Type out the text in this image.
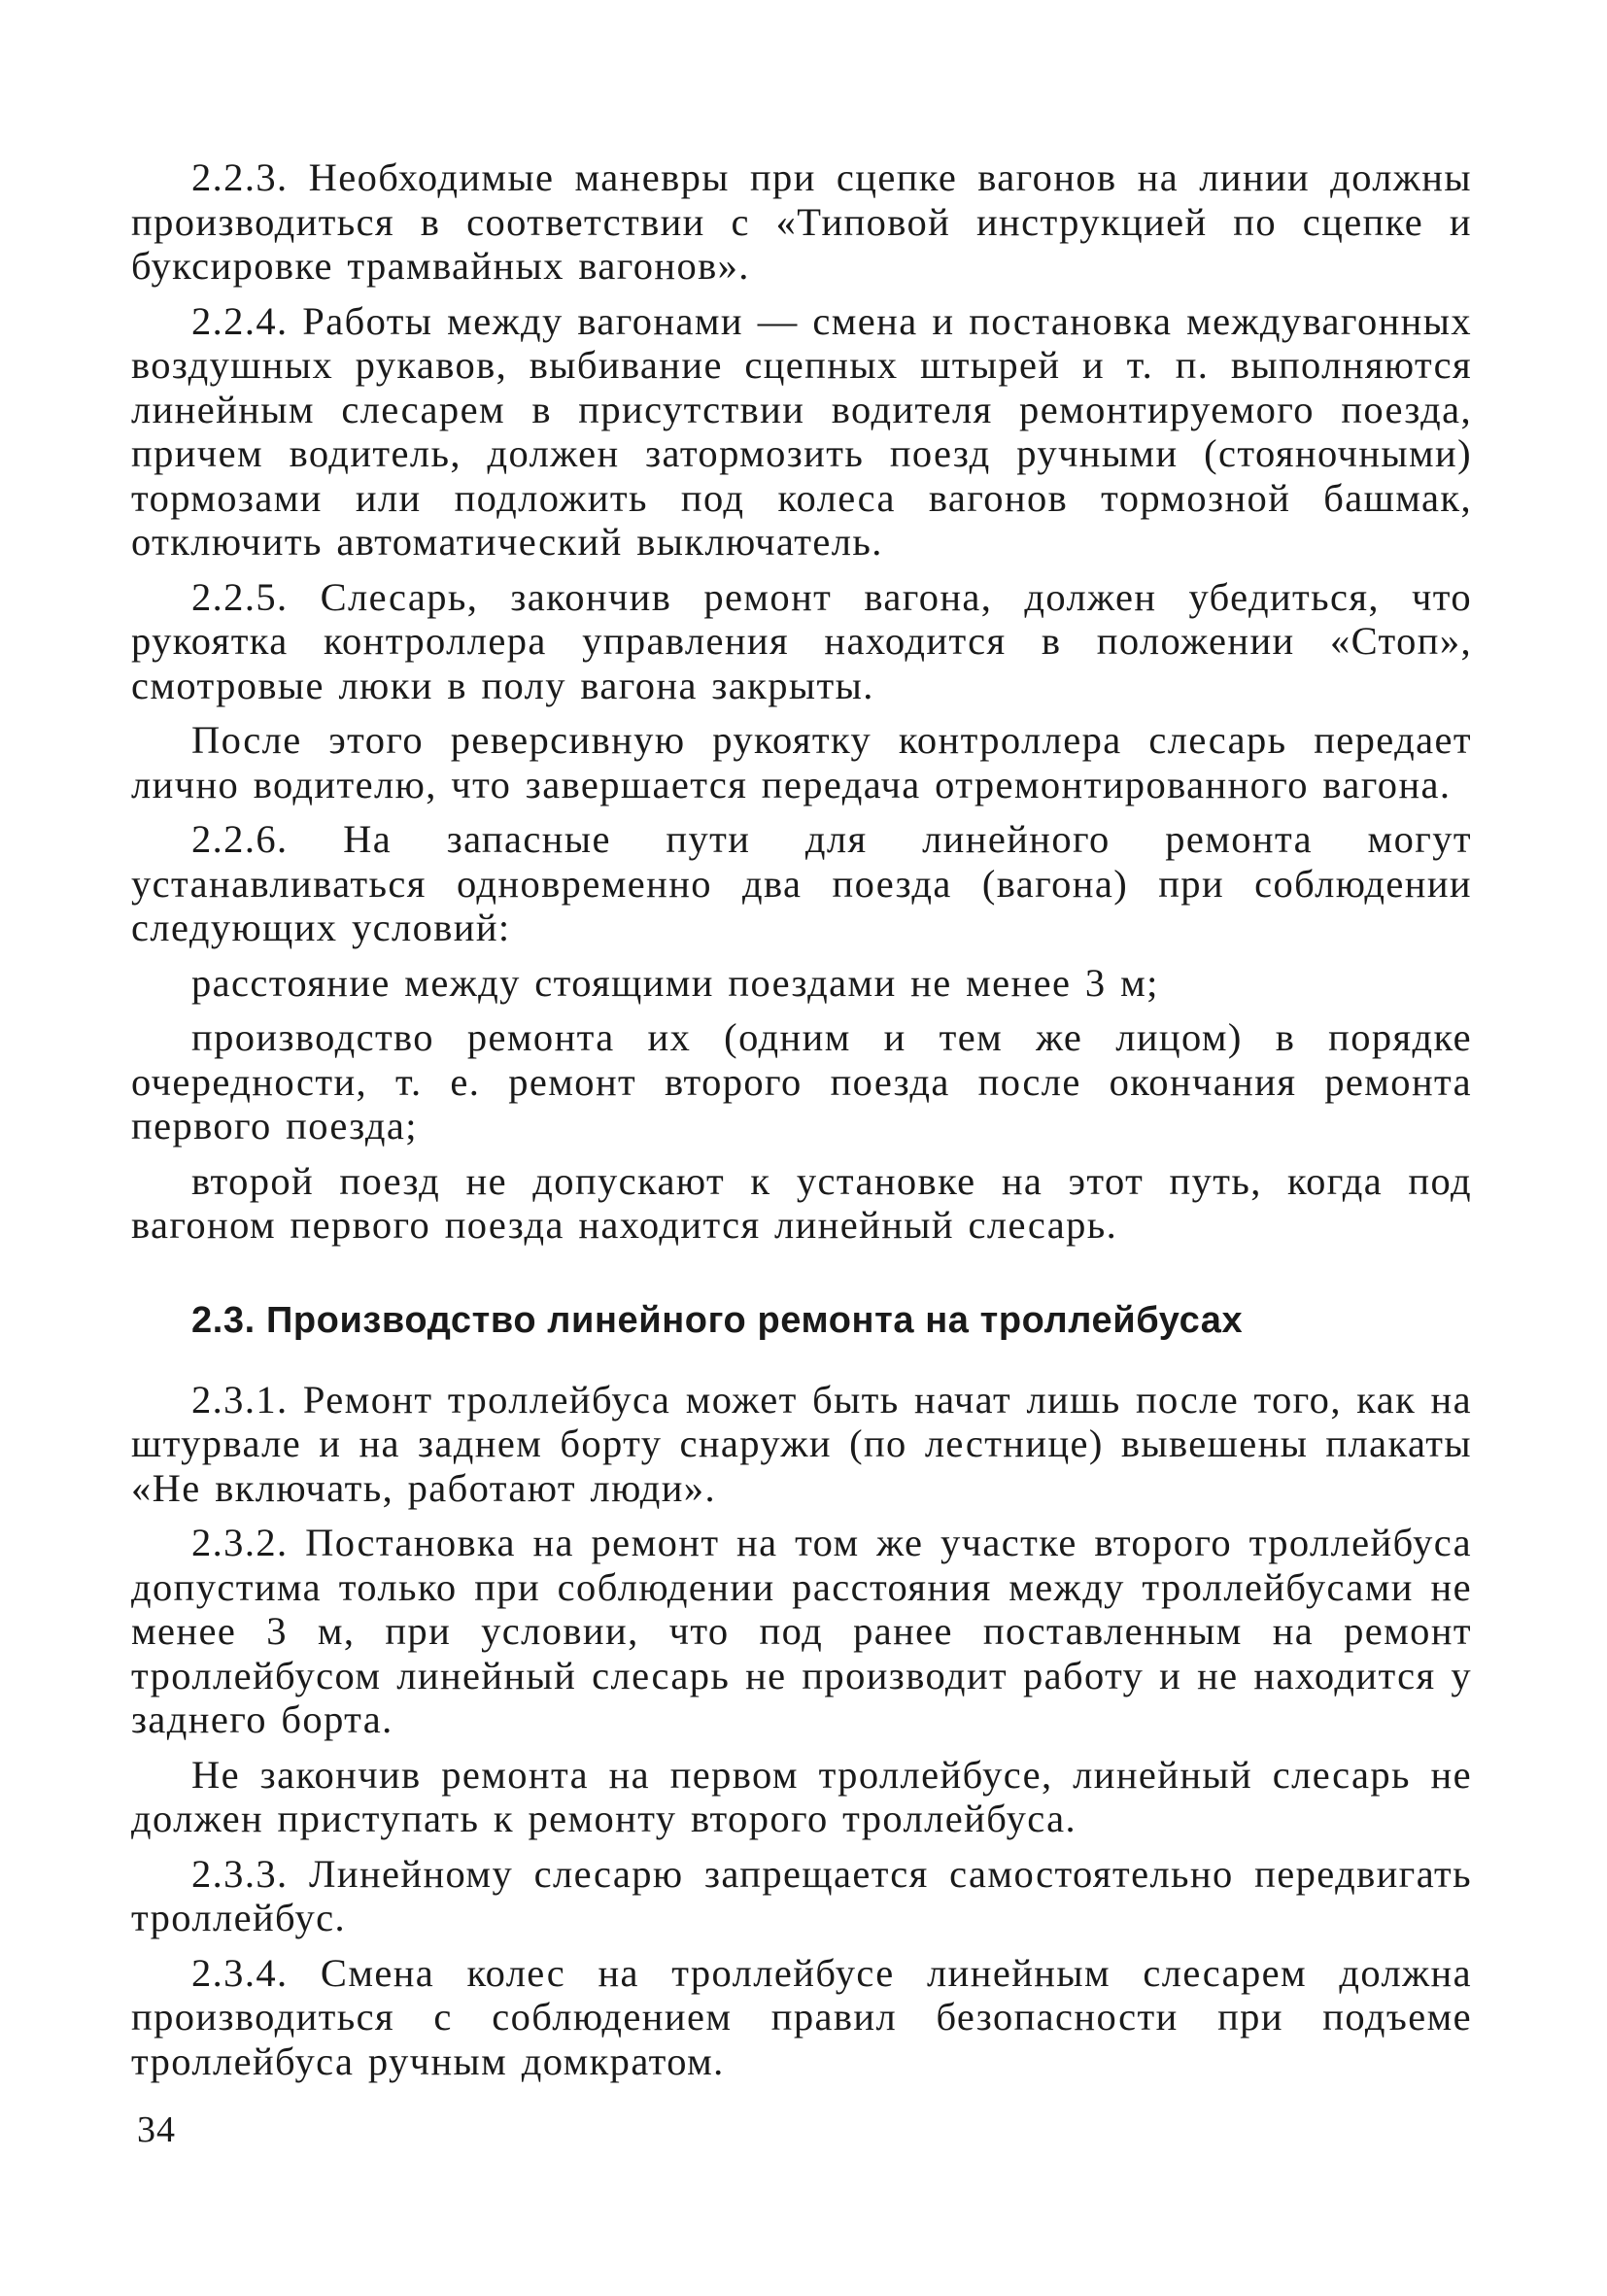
2.2.3. Необходимые маневры при сцепке вагонов на линии должны производиться в соответствии с «Типовой инструкцией по сцепке и буксировке трамвайных вагонов».

2.2.4. Работы между вагонами — смена и постановка междувагонных воздушных рукавов, выбивание сцепных штырей и т. п. выполняются линейным слесарем в присутствии водителя ремонтируемого поезда, причем водитель, должен затормозить поезд ручными (стояночными) тормозами или подложить под колеса вагонов тормозной башмак, отключить автоматический выключатель.

2.2.5. Слесарь, закончив ремонт вагона, должен убедиться, что рукоятка контроллера управления находится в положении «Стоп», смотровые люки в полу вагона закрыты.

После этого реверсивную рукоятку контроллера слесарь передает лично водителю, что завершается передача отремонтированного вагона.

2.2.6. На запасные пути для линейного ремонта могут устанавливаться одновременно два поезда (вагона) при соблюдении следующих условий:

расстояние между стоящими поездами не менее 3 м;

производство ремонта их (одним и тем же лицом) в порядке очередности, т. е. ремонт второго поезда после окончания ремонта первого поезда;

второй поезд не допускают к установке на этот путь, когда под вагоном первого поезда находится линейный слесарь.

2.3. Производство линейного ремонта на троллейбусах

2.3.1. Ремонт троллейбуса может быть начат лишь после того, как на штурвале и на заднем борту снаружи (по лестнице) вывешены плакаты «Не включать, работают люди».

2.3.2. Постановка на ремонт на том же участке второго троллейбуса допустима только при соблюдении расстояния между троллейбусами не менее 3 м, при условии, что под ранее поставленным на ремонт троллейбусом линейный слесарь не производит работу и не находится у заднего борта.

Не закончив ремонта на первом троллейбусе, линейный слесарь не должен приступать к ремонту второго троллейбуса.

2.3.3. Линейному слесарю запрещается самостоятельно передвигать троллейбус.

2.3.4. Смена колес на троллейбусе линейным слесарем должна производиться с соблюдением правил безопасности при подъеме троллейбуса ручным домкратом.

34
